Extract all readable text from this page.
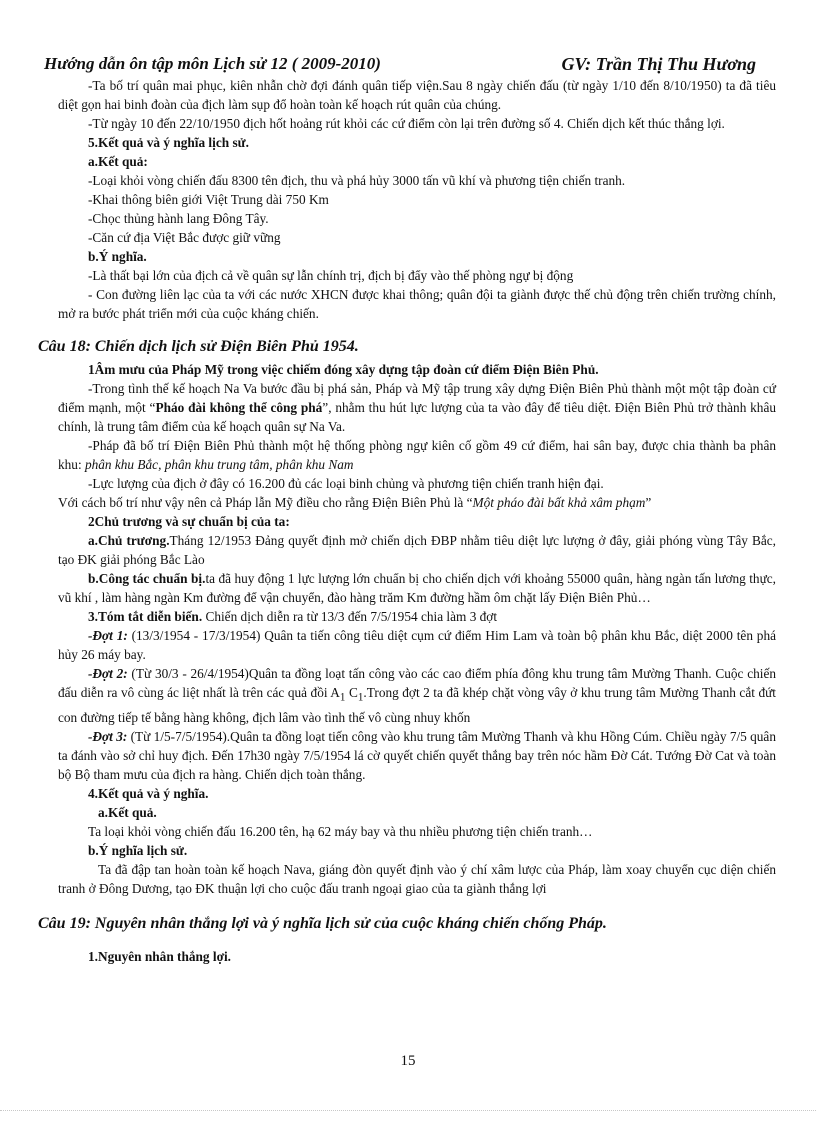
Hướng dẫn ôn tập môn Lịch sử 12 ( 2009-2010)	GV: Trần Thị Thu Hương

-Ta bố trí quân mai phục, kiên nhẫn chờ đợi đánh quân tiếp viện.Sau 8 ngày chiến đấu (từ ngày 1/10 đến 8/10/1950) ta đã tiêu diệt gọn hai binh đoàn của địch làm sụp đổ hoàn toàn kế hoạch rút quân của chúng.

-Từ ngày 10 đến 22/10/1950 địch hốt hoảng rút khỏi các cứ điểm còn lại trên đường số 4. Chiến dịch kết thúc thắng lợi.

5.Kết quả và ý nghĩa lịch sử.

a.Kết quả:

-Loại khỏi vòng chiến đấu 8300 tên địch, thu và phá hủy 3000 tấn vũ khí và phương tiện chiến tranh.

-Khai thông biên giới Việt Trung dài 750 Km

-Chọc thủng hành lang Đông Tây.

-Căn cứ địa Việt Bắc được giữ vững

b.Ý nghĩa.

-Là thất bại lớn của địch cả về quân sự lẫn chính trị, địch bị đẩy vào thế phòng ngự bị động

- Con đường liên lạc của ta với các nước XHCN được khai thông; quân đội ta giành được thế chủ động trên chiến trường chính, mở ra bước phát triển mới của cuộc kháng chiến.

Câu 18: Chiến dịch lịch sử Điện Biên Phủ 1954.

1Âm mưu của Pháp Mỹ trong việc chiếm đóng xây dựng tập đoàn cứ điểm Điện Biên Phủ.

-Trong tình thế kế hoạch Na Va bước đầu bị phá sản, Pháp và Mỹ tập trung xây dựng Điện Biên Phủ thành một một tập đoàn cứ điểm mạnh, một “Pháo đài không thể công phá”, nhằm thu hút lực lượng của ta vào đây để tiêu diệt. Điện Biên Phủ trở thành khâu chính, là trung tâm điểm của kế hoạch quân sự Na Va.

-Pháp đã bố trí Điện Biên Phủ thành một hệ thống phòng ngự kiên cố gồm 49 cứ điểm, hai sân bay, được chia thành ba phân khu: phân khu Bắc, phân khu trung tâm, phân khu Nam

-Lực lượng của địch ở đây có 16.200 đủ các loại binh chủng và phương tiện chiến tranh hiện đại.

Với cách bố trí như vậy nên cả Pháp lẫn Mỹ điều cho rằng Điện Biên Phủ là “Một pháo đài bất khả xâm phạm”

2Chủ trương và sự chuẩn bị của ta:

a.Chủ trương.Tháng 12/1953 Đảng quyết định mở chiến dịch ĐBP nhằm tiêu diệt lực lượng ở đây, giải phóng vùng Tây Bắc, tạo ĐK giải phóng Bắc Lào

b.Công tác chuẩn bị.ta đã huy động 1 lực lượng lớn chuẩn bị cho chiến dịch với khoảng 55000 quân, hàng ngàn tấn lương thực, vũ khí , làm hàng ngàn Km đường để vận chuyển, đào hàng trăm Km đường hầm ôm chặt lấy Điện Biên Phủ…

3.Tóm tắt diễn biến. Chiến dịch diễn ra từ 13/3 đến 7/5/1954 chia làm 3 đợt

-Đợt 1: (13/3/1954 - 17/3/1954) Quân ta tiến công tiêu diệt cụm cứ điểm Him Lam và toàn bộ phân khu Bắc, diệt 2000 tên phá hủy 26 máy bay.

-Đợt 2: (Từ 30/3 - 26/4/1954)Quân ta đồng loạt tấn công vào các cao điểm phía đông khu trung tâm Mường Thanh. Cuộc chiến đấu diễn ra vô cùng ác liệt nhất là trên các quả đồi $A_1$ $C_1.Trong$ đợt 2 ta đã khép chặt vòng vây ở khu trung tâm Mường Thanh cắt đứt con đường tiếp tế bằng hàng không, địch lâm vào tình thế vô cùng nhuy khốn

-Đợt 3: (Từ 1/5-7/5/1954).Quân ta đồng loạt tiến công vào khu trung tâm Mường Thanh và khu Hồng Cúm. Chiều ngày 7/5 quân ta đánh vào sở chỉ huy địch. Đến 17h30 ngày 7/5/1954 lá cờ quyết chiến quyết thắng bay trên nóc hầm Đờ Cát. Tướng Đờ Cat và toàn bộ Bộ tham mưu của địch ra hàng. Chiến dịch toàn thắng.

4.Kết quả và ý nghĩa.

a.Kết quả.

Ta loại khỏi vòng chiến đấu 16.200 tên, hạ 62 máy bay và thu nhiều phương tiện chiến tranh…

b.Ý nghĩa lịch sử.

Ta đã đập tan hoàn toàn kế hoạch Nava, giáng đòn quyết định vào ý chí xâm lược của Pháp, làm xoay chuyển cục diện chiến tranh ở Đông Dương, tạo ĐK thuận lợi cho cuộc đấu tranh ngoại giao của ta giành thắng lợi

Câu 19: Nguyên nhân thắng lợi và ý nghĩa lịch sử của cuộc kháng chiến chống Pháp.

1.Nguyên nhân thắng lợi.

15
